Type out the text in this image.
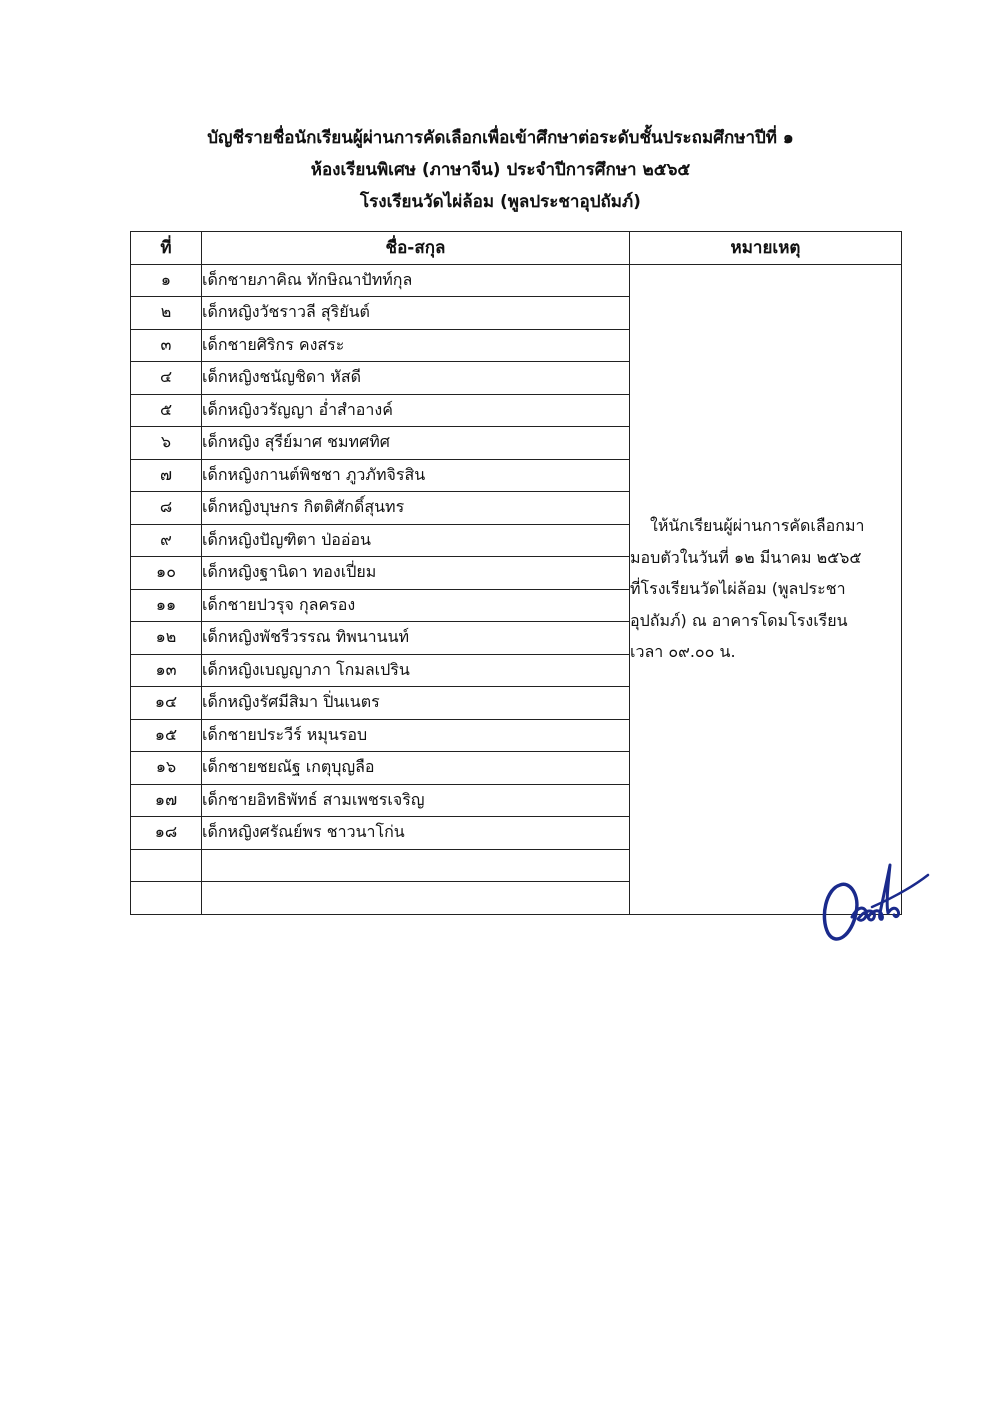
บัญชีรายชื่อนักเรียนผู้ผ่านการคัดเลือกเพื่อเข้าศึกษาต่อระดับชั้นประถมศึกษาปีที่ ๑
ห้องเรียนพิเศษ (ภาษาจีน) ประจำปีการศึกษา ๒๕๖๕
โรงเรียนวัดไผ่ล้อม (พูลประชาอุปถัมภ์)
ที่	ชื่อ-สกุล	หมายเหตุ
๑	เด็กชายภาคิณ ทักษิณาปัทท์กุล	ให้นักเรียนผู้ผ่านการคัดเลือกมา
มอบตัวในวันที่ ๑๒ มีนาคม ๒๕๖๕
ที่โรงเรียนวัดไผ่ล้อม (พูลประชา
อุปถัมภ์) ณ อาคารโดมโรงเรียน
เวลา ๐๙.๐๐ น.

๒	เด็กหญิงวัชราวลี สุริยันต์	
๓	เด็กชายศิริกร คงสระ	
๔	เด็กหญิงชนัญชิดา หัสดี	
๕	เด็กหญิงวรัญญา อ่ำสำอางค์	
๖	เด็กหญิง สุรีย์มาศ ชมทศทิศ	
๗	เด็กหญิงกานต์พิชชา ภูวภัทจิรสิน	
๘	เด็กหญิงบุษกร กิตติศักดิ์สุนทร	
๙	เด็กหญิงปัญฑิตา ป่ออ่อน	
๑๐	เด็กหญิงฐานิดา ทองเปี่ยม	
๑๑	เด็กชายปวรุจ กุลครอง	
๑๒	เด็กหญิงพัชรีวรรณ ทิพนานนท์	
๑๓	เด็กหญิงเบญญาภา โกมลเปริน	
๑๔	เด็กหญิงรัศมีสิมา ปิ่นเนตร	
๑๕	เด็กชายประวีร์ หมุนรอบ	
๑๖	เด็กชายชยณัฐ เกตุบุญลือ	
๑๗	เด็กชายอิทธิพัทธ์ สามเพชรเจริญ	
๑๘	เด็กหญิงศรัณย์พร ชาวนาโก่น	
